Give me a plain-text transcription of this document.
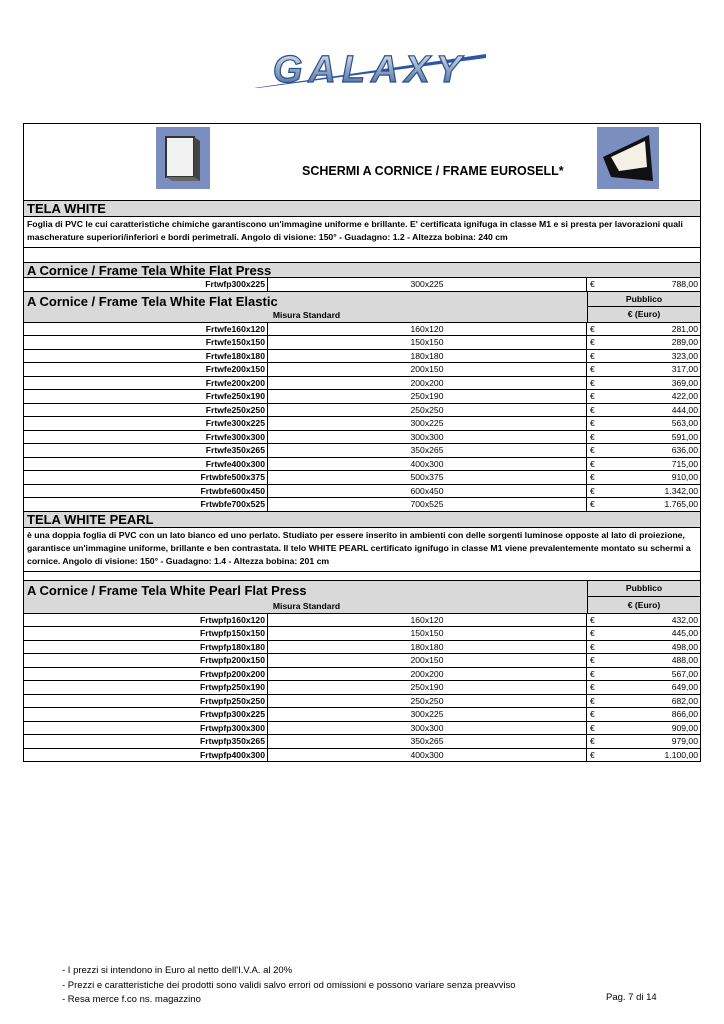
GALAXY
SCHERMI A CORNICE / FRAME EUROSELL*
TELA WHITE
Foglia di PVC le cui caratteristiche chimiche garantiscono un'immagine uniforme e brillante. E' certificata ignifuga in classe M1 e si presta per lavorazioni quali mascherature superiori/inferiori e bordi perimetrali. Angolo di visione: 150° - Guadagno: 1.2 - Altezza bobina: 240 cm
A Cornice / Frame Tela White Flat Press
Frtwfp300x225	300x225	€	788,00
A Cornice / Frame Tela White Flat Elastic
Misura Standard
Pubblico
€ (Euro)
Frtwfe160x120	160x120	€	281,00
Frtwfe150x150	150x150	€	289,00
Frtwfe180x180	180x180	€	323,00
Frtwfe200x150	200x150	€	317,00
Frtwfe200x200	200x200	€	369,00
Frtwfe250x190	250x190	€	422,00
Frtwfe250x250	250x250	€	444,00
Frtwfe300x225	300x225	€	563,00
Frtwfe300x300	300x300	€	591,00
Frtwfe350x265	350x265	€	636,00
Frtwfe400x300	400x300	€	715,00
Frtwbfe500x375	500x375	€	910,00
Frtwbfe600x450	600x450	€	1.342,00
Frtwbfe700x525	700x525	€	1.765,00
TELA WHITE PEARL
è una doppia foglia di PVC con un lato bianco ed uno perlato. Studiato per essere inserito in ambienti con delle sorgenti luminose opposte al lato di proiezione, garantisce un'immagine uniforme, brillante e ben contrastata. Il telo WHITE PEARL certificato ignifugo in classe M1 viene prevalentemente montato su schermi a cornice. Angolo di visione: 150° - Guadagno: 1.4 - Altezza bobina: 201 cm
A Cornice / Frame Tela White Pearl Flat Press
Misura Standard
Pubblico
€ (Euro)
Frtwpfp160x120	160x120	€	432,00
Frtwpfp150x150	150x150	€	445,00
Frtwpfp180x180	180x180	€	498,00
Frtwpfp200x150	200x150	€	488,00
Frtwpfp200x200	200x200	€	567,00
Frtwpfp250x190	250x190	€	649,00
Frtwpfp250x250	250x250	€	682,00
Frtwpfp300x225	300x225	€	866,00
Frtwpfp300x300	300x300	€	909,00
Frtwpfp350x265	350x265	€	979,00
Frtwpfp400x300	400x300	€	1.100,00
- I prezzi si intendono in Euro al netto dell'I.V.A. al 20%
- Prezzi e caratteristiche dei prodotti sono validi salvo errori od omissioni e possono variare senza preavviso
- Resa merce f.co ns. magazzino	Pag. 7 di 14
